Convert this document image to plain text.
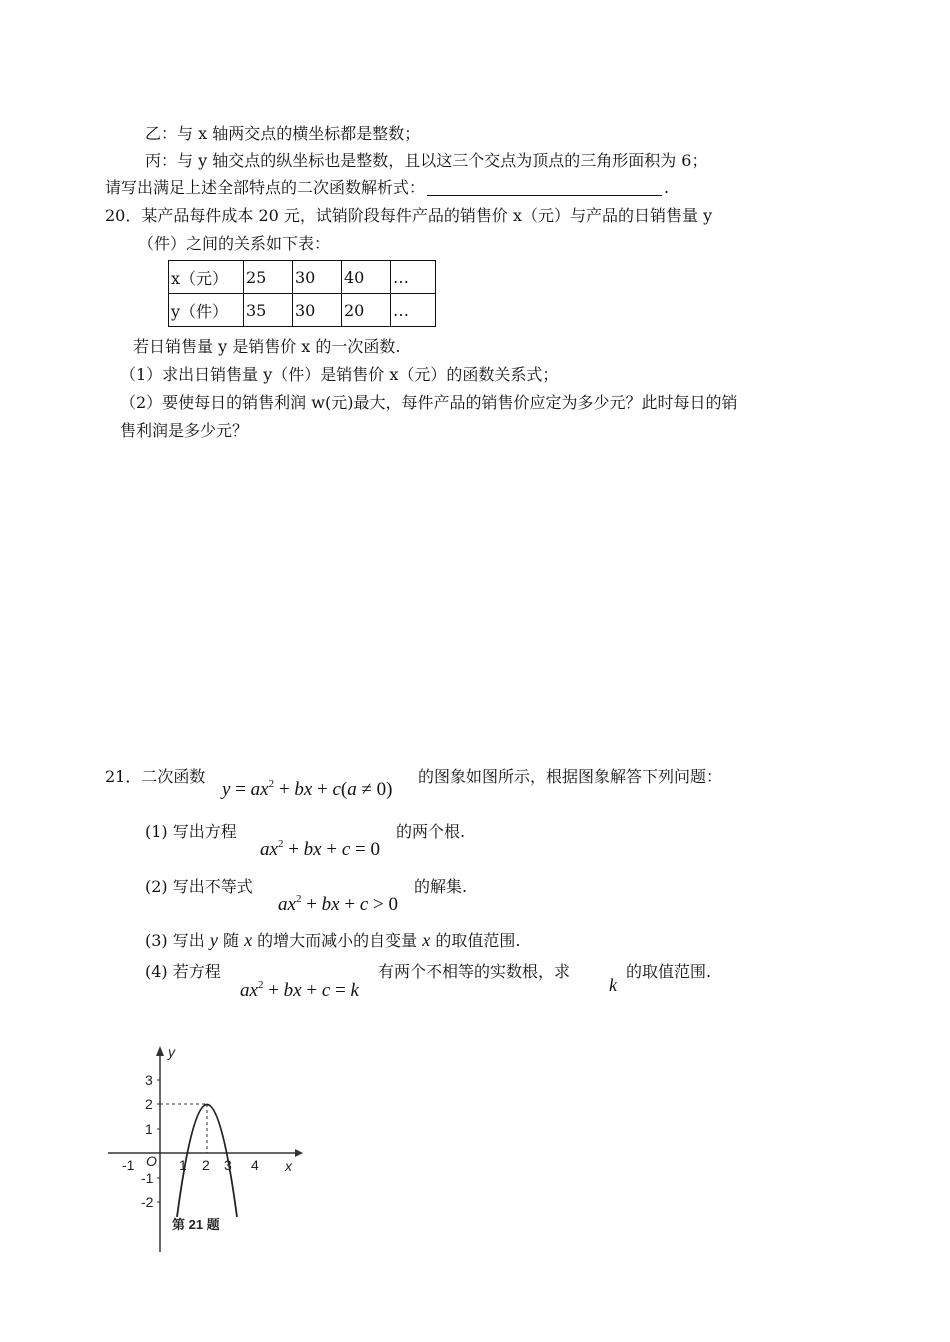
乙：与 x 轴两交点的横坐标都是整数；
丙：与 y 轴交点的纵坐标也是整数，且以这三个交点为顶点的三角形面积为 6；
请写出满足上述全部特点的二次函数解析式：	.
20．某产品每件成本 20 元，试销阶段每件产品的销售价 x（元）与产品的日销售量 y
（件）之间的关系如下表：
x（元）	25	30	40	…
y（件）	35	30	20	…
若日销售量 y 是销售价 x 的一次函数.
（1）求出日销售量 y（件）是销售价 x（元）的函数关系式；
（2）要使每日的销售利润 w(元)最大，每件产品的销售价应定为多少元？此时每日的销
售利润是多少元？
21．二次函数
$y = ax^2$ + bx + c(a ≠ 0)
的图象如图所示，根据图象解答下列问题：
(1) 写出方程
$ax^2$ + bx + c = 0
的两个根.
(2) 写出不等式
$ax^2$ + bx + c > 0
的解集.
(3) 写出 y 随 x 的增大而减小的自变量 x 的取值范围.
(4) 若方程
$ax^2$ + bx + c = k
有两个不相等的实数根，求
k
的取值范围.
y
x
O
3
2
1
-1
-2
-1	1 2 3 4
第 21 题
